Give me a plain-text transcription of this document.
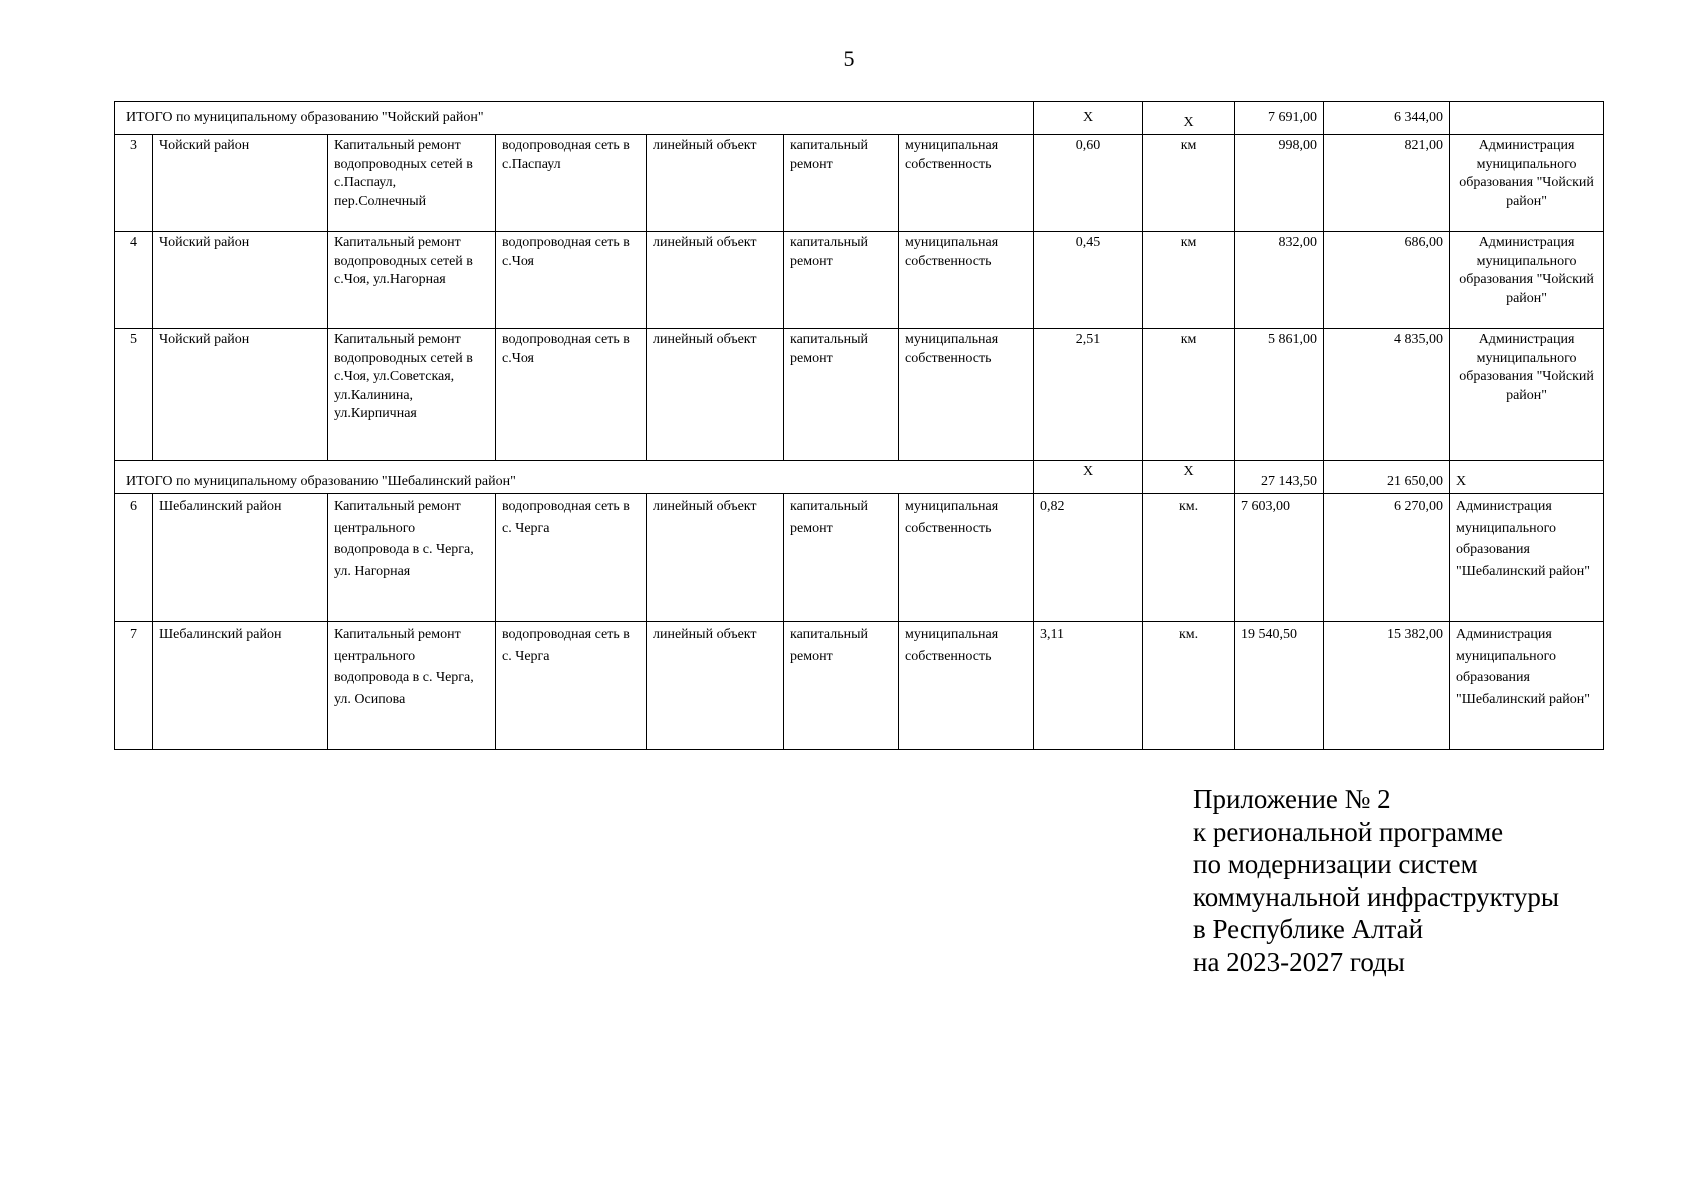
5
ИТОГО по муниципальному образованию "Чойский район"							Х	Х	7 691,00	6 344,00	
3	Чойский район	Капитальный ремонт водопроводных сетей в с.Паспаул, пер.Солнечный	водопроводная сеть в с.Паспаул	линейный объект	капитальный ремонт	муниципальная собственность	0,60	км	998,00	821,00	Администрация муниципального образования "Чойский район"
4	Чойский район	Капитальный ремонт водопроводных сетей в с.Чоя, ул.Нагорная	водопроводная сеть в с.Чоя	линейный объект	капитальный ремонт	муниципальная собственность	0,45	км	832,00	686,00	Администрация муниципального образования "Чойский район"
5	Чойский район	Капитальный ремонт водопроводных сетей в с.Чоя, ул.Советская, ул.Калинина, ул.Кирпичная	водопроводная сеть в с.Чоя	линейный объект	капитальный ремонт	муниципальная собственность	2,51	км	5 861,00	4 835,00	Администрация муниципального образования "Чойский район"
ИТОГО по муниципальному образованию "Шебалинский район"							Х	Х	27 143,50	21 650,00	Х
6	Шебалинский район	Капитальный ремонт центрального водопровода в с. Черга, ул. Нагорная	водопроводная сеть в с. Черга	линейный объект	капитальный ремонт	муниципальная собственность	0,82	км.	7 603,00	6 270,00	Администрация муниципального образования "Шебалинский район"
7	Шебалинский район	Капитальный ремонт центрального водопровода в с. Черга, ул. Осипова	водопроводная сеть в с. Черга	линейный объект	капитальный ремонт	муниципальная собственность	3,11	км.	19 540,50	15 382,00	Администрация муниципального образования "Шебалинский район"
Приложение № 2
к региональной программе
по модернизации систем
коммунальной инфраструктуры
в Республике Алтай
на 2023-2027 годы
